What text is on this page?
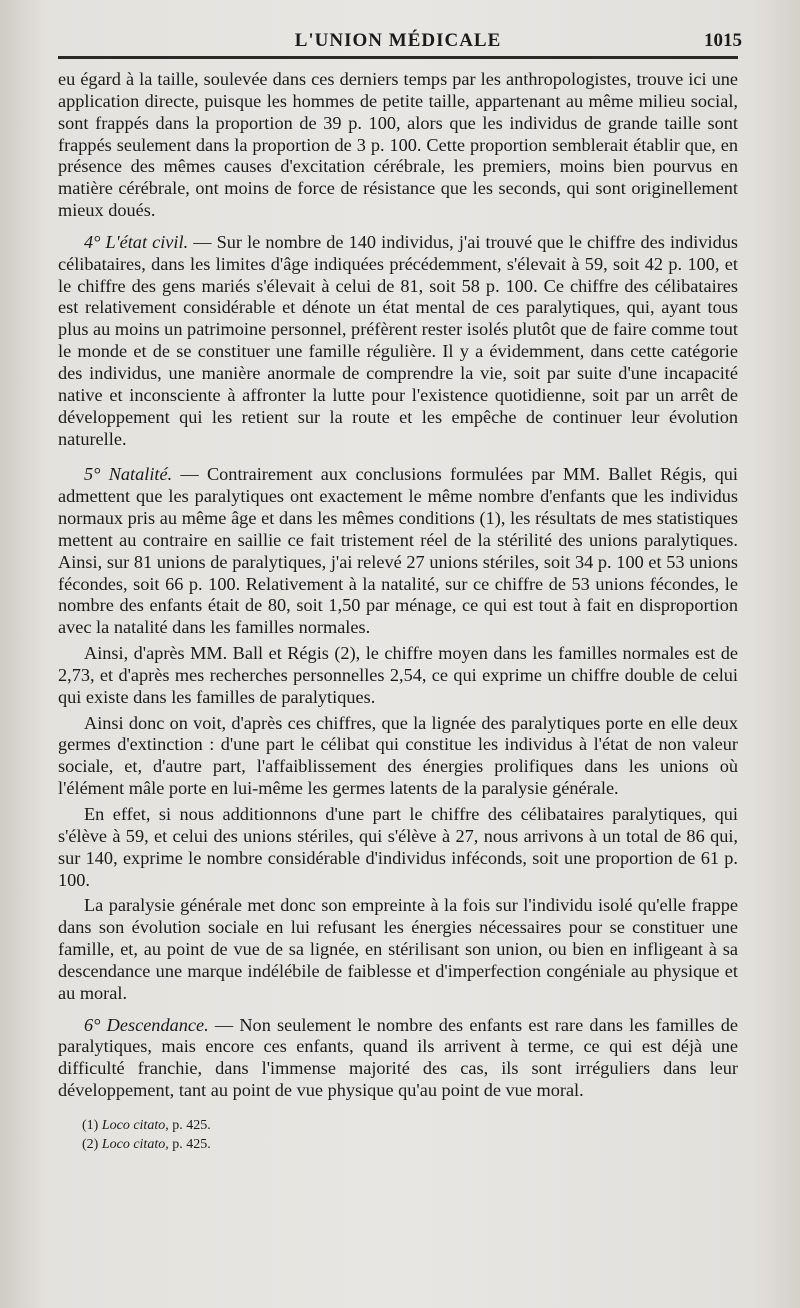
L'UNION MÉDICALE	1015

eu égard à la taille, soulevée dans ces derniers temps par les anthropologistes, trouve ici une application directe, puisque les hommes de petite taille, appartenant au même milieu social, sont frappés dans la proportion de 39 p. 100, alors que les individus de grande taille sont frappés seulement dans la proportion de 3 p. 100. Cette proportion semblerait établir que, en présence des mêmes causes d'excitation cérébrale, les premiers, moins bien pourvus en matière cérébrale, ont moins de force de résistance que les seconds, qui sont originellement mieux doués.

4° L'état civil. — Sur le nombre de 140 individus, j'ai trouvé que le chiffre des individus célibataires, dans les limites d'âge indiquées précédemment, s'élevait à 59, soit 42 p. 100, et le chiffre des gens mariés s'élevait à celui de 81, soit 58 p. 100. Ce chiffre des célibataires est relativement considérable et dénote un état mental de ces paralytiques, qui, ayant tous plus au moins un patrimoine personnel, préfèrent rester isolés plutôt que de faire comme tout le monde et de se constituer une famille régulière. Il y a évidemment, dans cette catégorie des individus, une manière anormale de comprendre la vie, soit par suite d'une incapacité native et inconsciente à affronter la lutte pour l'existence quotidienne, soit par un arrêt de développement qui les retient sur la route et les empêche de continuer leur évolution naturelle.

5° Natalité. — Contrairement aux conclusions formulées par MM. Ballet Régis, qui admettent que les paralytiques ont exactement le même nombre d'enfants que les individus normaux pris au même âge et dans les mêmes conditions (1), les résultats de mes statistiques mettent au contraire en saillie ce fait tristement réel de la stérilité des unions paralytiques. Ainsi, sur 81 unions de paralytiques, j'ai relevé 27 unions stériles, soit 34 p. 100 et 53 unions fécondes, soit 66 p. 100. Relativement à la natalité, sur ce chiffre de 53 unions fécondes, le nombre des enfants était de 80, soit 1,50 par ménage, ce qui est tout à fait en disproportion avec la natalité dans les familles normales.

Ainsi, d'après MM. Ball et Régis (2), le chiffre moyen dans les familles normales est de 2,73, et d'après mes recherches personnelles 2,54, ce qui exprime un chiffre double de celui qui existe dans les familles de paralytiques.

Ainsi donc on voit, d'après ces chiffres, que la lignée des paralytiques porte en elle deux germes d'extinction : d'une part le célibat qui constitue les individus à l'état de non valeur sociale, et, d'autre part, l'affaiblissement des énergies prolifiques dans les unions où l'élément mâle porte en lui-même les germes latents de la paralysie générale.

En effet, si nous additionnons d'une part le chiffre des célibataires paralytiques, qui s'élève à 59, et celui des unions stériles, qui s'élève à 27, nous arrivons à un total de 86 qui, sur 140, exprime le nombre considérable d'individus inféconds, soit une proportion de 61 p. 100.

La paralysie générale met donc son empreinte à la fois sur l'individu isolé qu'elle frappe dans son évolution sociale en lui refusant les énergies nécessaires pour se constituer une famille, et, au point de vue de sa lignée, en stérilisant son union, ou bien en infligeant à sa descendance une marque indélébile de faiblesse et d'imperfection congéniale au physique et au moral.

6° Descendance. — Non seulement le nombre des enfants est rare dans les familles de paralytiques, mais encore ces enfants, quand ils arrivent à terme, ce qui est déjà une difficulté franchie, dans l'immense majorité des cas, ils sont irréguliers dans leur développement, tant au point de vue physique qu'au point de vue moral.

(1) Loco citato, p. 425.
(2) Loco citato, p. 425.
